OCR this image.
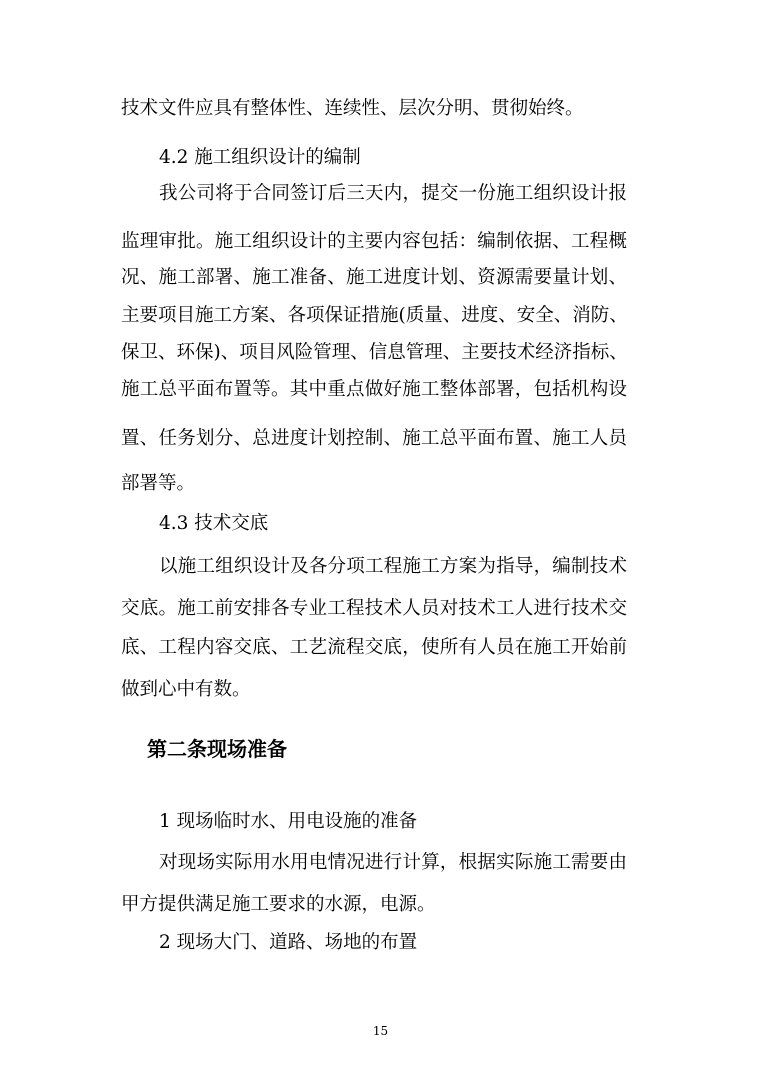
技术文件应具有整体性、连续性、层次分明、贯彻始终。
4.2 施工组织设计的编制
我公司将于合同签订后三天内，提交一份施工组织设计报
监理审批。施工组织设计的主要内容包括：编制依据、工程概
况、施工部署、施工准备、施工进度计划、资源需要量计划、
主要项目施工方案、各项保证措施(质量、进度、安全、消防、
保卫、环保)、项目风险管理、信息管理、主要技术经济指标、
施工总平面布置等。其中重点做好施工整体部署，包括机构设
置、任务划分、总进度计划控制、施工总平面布置、施工人员
部署等。
4.3 技术交底
以施工组织设计及各分项工程施工方案为指导，编制技术
交底。施工前安排各专业工程技术人员对技术工人进行技术交
底、工程内容交底、工艺流程交底，使所有人员在施工开始前
做到心中有数。
第二条现场准备
1 现场临时水、用电设施的准备
对现场实际用水用电情况进行计算，根据实际施工需要由
甲方提供满足施工要求的水源，电源。
2 现场大门、道路、场地的布置
15
